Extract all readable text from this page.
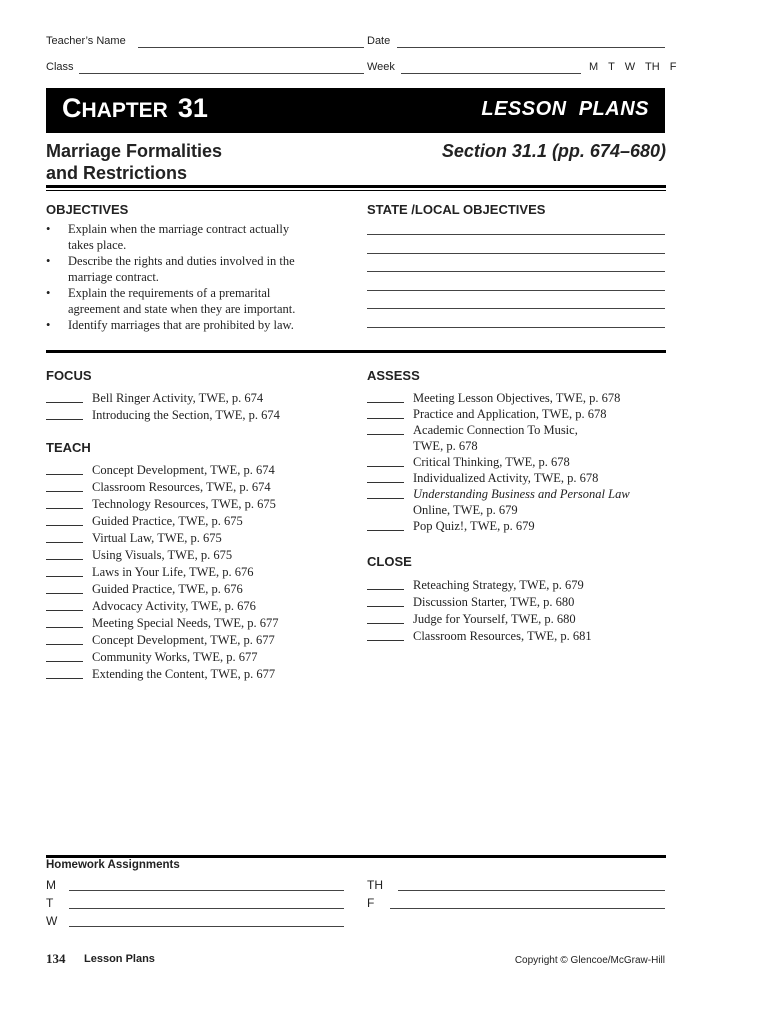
Teacher’s Name	Date
Class	Week	M  T  W  TH  F
CHAPTER 31	LESSON  PLANS
Marriage Formalities
and Restrictions
Section 31.1 (pp. 674–680)
OBJECTIVES
• Explain when the marriage contract actually
takes place.
• Describe the rights and duties involved in the
marriage contract.
• Explain the requirements of a premarital
agreement and state when they are important.
• Identify marriages that are prohibited by law.
STATE /LOCAL OBJECTIVES
FOCUS
Bell Ringer Activity, TWE, p. 674
Introducing the Section, TWE, p. 674
TEACH
Concept Development, TWE, p. 674
Classroom Resources, TWE, p. 674
Technology Resources, TWE, p. 675
Guided Practice, TWE, p. 675
Virtual Law, TWE, p. 675
Using Visuals, TWE, p. 675
Laws in Your Life, TWE, p. 676
Guided Practice, TWE, p. 676
Advocacy Activity, TWE, p. 676
Meeting Special Needs, TWE, p. 677
Concept Development, TWE, p. 677
Community Works, TWE, p. 677
Extending the Content, TWE, p. 677
ASSESS
Meeting Lesson Objectives, TWE, p. 678
Practice and Application, TWE, p. 678
Academic Connection To Music,
TWE, p. 678
Critical Thinking, TWE, p. 678
Individualized Activity, TWE, p. 678
Understanding Business and Personal Law
Online, TWE, p. 679
Pop Quiz!, TWE, p. 679
CLOSE
Reteaching Strategy, TWE, p. 679
Discussion Starter, TWE, p. 680
Judge for Yourself, TWE, p. 680
Classroom Resources, TWE, p. 681
Homework Assignments
M
T
W
TH
F
134 Lesson Plans	Copyright © Glencoe/McGraw-Hill
